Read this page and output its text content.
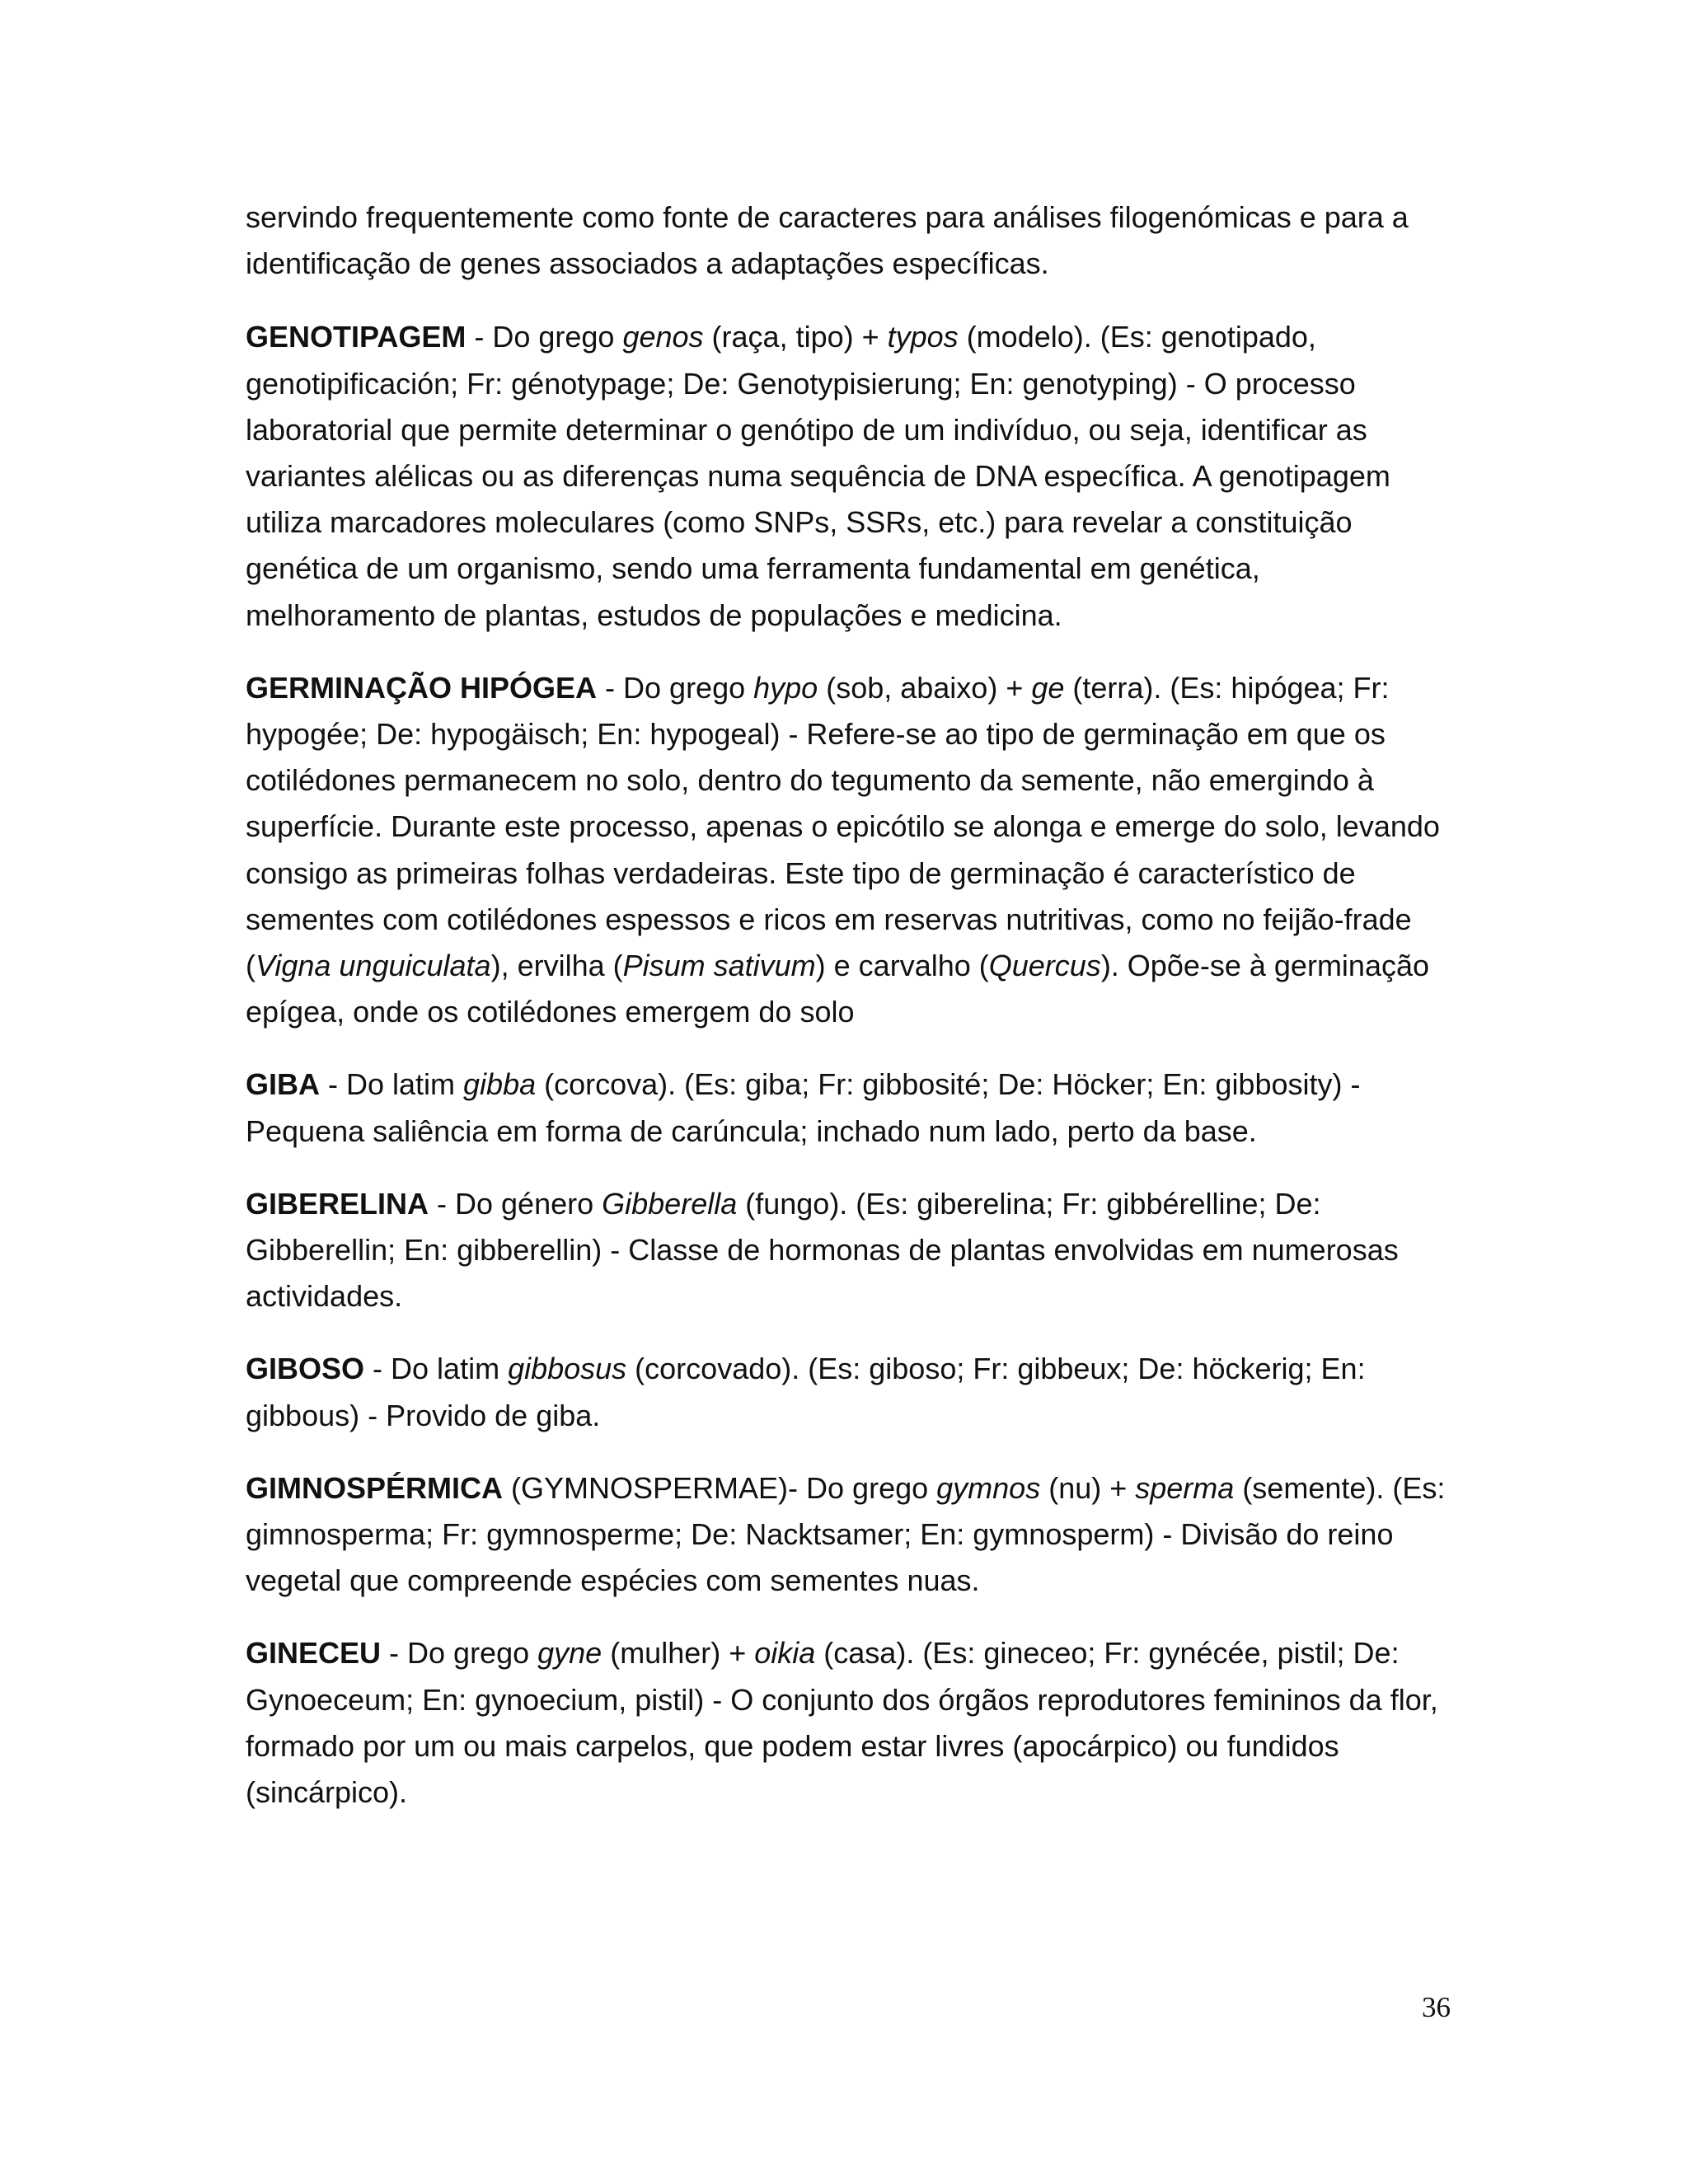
servindo frequentemente como fonte de caracteres para análises filogenómicas e para a identificação de genes associados a adaptações específicas.

GENOTIPAGEM - Do grego genos (raça, tipo) + typos (modelo). (Es: genotipado, genotipificación; Fr: génotypage; De: Genotypisierung; En: genotyping) - O processo laboratorial que permite determinar o genótipo de um indivíduo, ou seja, identificar as variantes alélicas ou as diferenças numa sequência de DNA específica. A genotipagem utiliza marcadores moleculares (como SNPs, SSRs, etc.) para revelar a constituição genética de um organismo, sendo uma ferramenta fundamental em genética, melhoramento de plantas, estudos de populações e medicina.

GERMINAÇÃO HIPÓGEA - Do grego hypo (sob, abaixo) + ge (terra). (Es: hipógea; Fr: hypogée; De: hypogäisch; En: hypogeal) - Refere-se ao tipo de germinação em que os cotilédones permanecem no solo, dentro do tegumento da semente, não emergindo à superfície. Durante este processo, apenas o epicótilo se alonga e emerge do solo, levando consigo as primeiras folhas verdadeiras. Este tipo de germinação é característico de sementes com cotilédones espessos e ricos em reservas nutritivas, como no feijão-frade (Vigna unguiculata), ervilha (Pisum sativum) e carvalho (Quercus). Opõe-se à germinação epígea, onde os cotilédones emergem do solo

GIBA - Do latim gibba (corcova). (Es: giba; Fr: gibbosité; De: Höcker; En: gibbosity) - Pequena saliência em forma de carúncula; inchado num lado, perto da base.

GIBERELINA - Do género Gibberella (fungo). (Es: giberelina; Fr: gibbérelline; De: Gibberellin; En: gibberellin) - Classe de hormonas de plantas envolvidas em numerosas actividades.

GIBOSO - Do latim gibbosus (corcovado). (Es: giboso; Fr: gibbeux; De: höckerig; En: gibbous) - Provido de giba.

GIMNOSPÉRMICA (GYMNOSPERMAE)- Do grego gymnos (nu) + sperma (semente). (Es: gimnosperma; Fr: gymnosperme; De: Nacktsamer; En: gymnosperm) - Divisão do reino vegetal que compreende espécies com sementes nuas.

GINECEU - Do grego gyne (mulher) + oikia (casa). (Es: gineceo; Fr: gynécée, pistil; De: Gynoeceum; En: gynoecium, pistil) - O conjunto dos órgãos reprodutores femininos da flor, formado por um ou mais carpelos, que podem estar livres (apocárpico) ou fundidos (sincárpico).

36
